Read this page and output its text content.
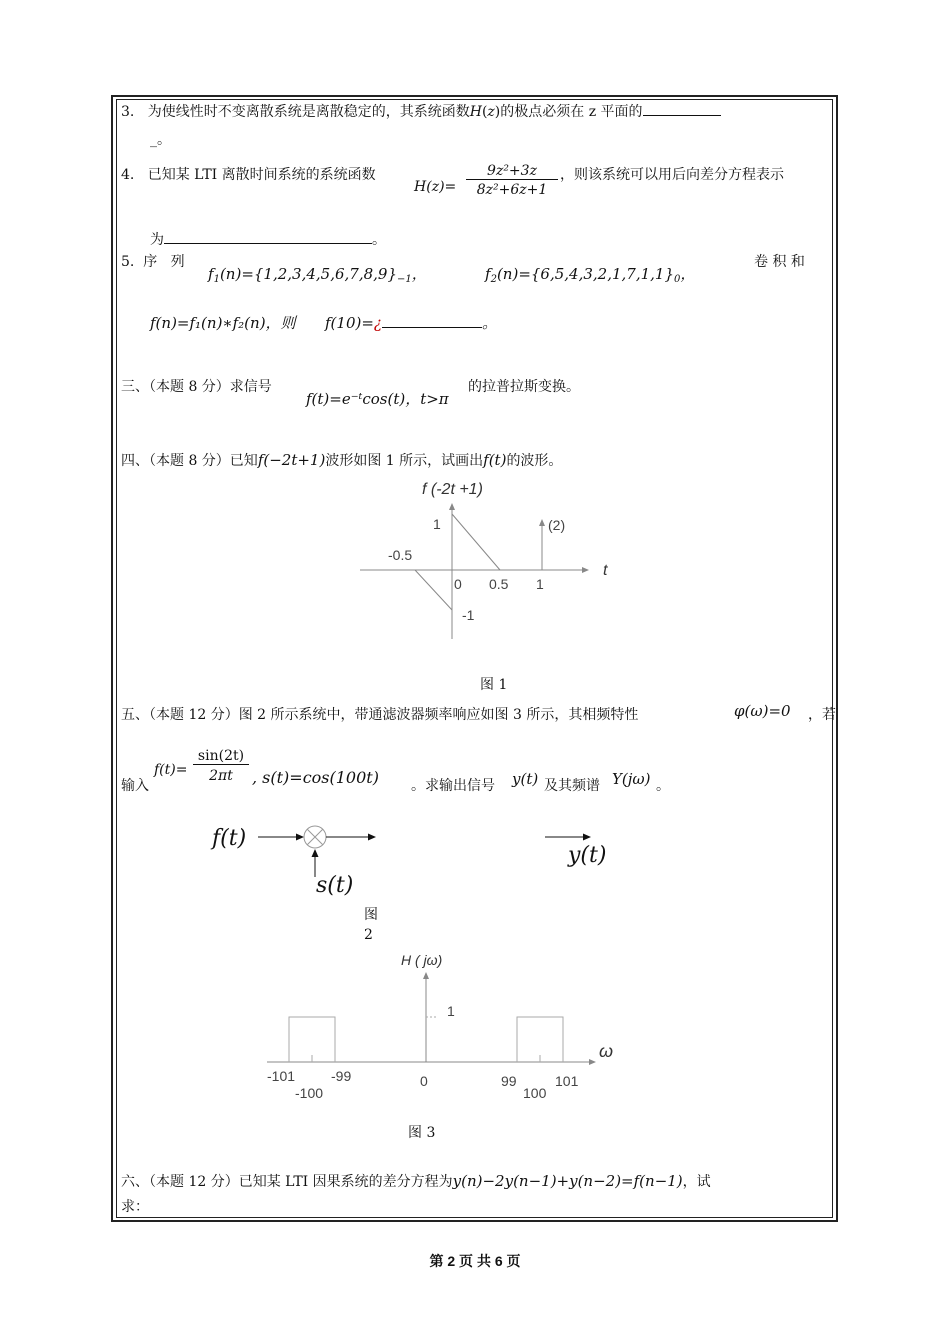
3. 为使线性时不变离散系统是离散稳定的，其系统函数H(z)的极点必须在 z 平面的
_。
4. 已知某 LTI 离散时间系统的系统函数
$H(z)= \frac{\text{9z²+3z}}{\text{8z²+6z+1}}$ ，则该系统可以用后向差分方程表示
为	。
5. 序 列
$f_1(n)=\{1,2,3,4,5,6,7,8,9\}_{-1}$，	$f_2(n)=\{6,5,4,3,2,1,7,1,1\}_0$，
卷 积 和
f(n)=f₁(n)∗f₂(n)，则 f(10)=¿	。
三、（本题 8 分）求信号
f(t)=e⁻ᵗcos(t)，t>π
的拉普拉斯变换。
四、（本题 8 分）已知f(−2t+1)波形如图 1 所示，试画出f(t)的波形。
f (-2t +1)
1	(2)
-0.5
0 0.5 1
-1
t
图 1
五、（本题 12 分）图 2 所示系统中，带通滤波器频率响应如图 3 所示，其相频特性	φ(ω)=0 ，若
输入
$f(t)= \frac{\sin(2t)}{2\pi t}$ , s(t)=cos(100t) 。求输出信号 y(t) 及其频谱 Y(jω) 。
f(t)
s(t)
y(t)
图
2
H ( jω)
1
ω
-101	-99
-100
0	99
100
101
图 3
六、（本题 12 分）已知某 LTI 因果系统的差分方程为y(n)−2y(n−1)+y(n−2)=f(n−1)，试
求：
第 2 页 共 6 页
